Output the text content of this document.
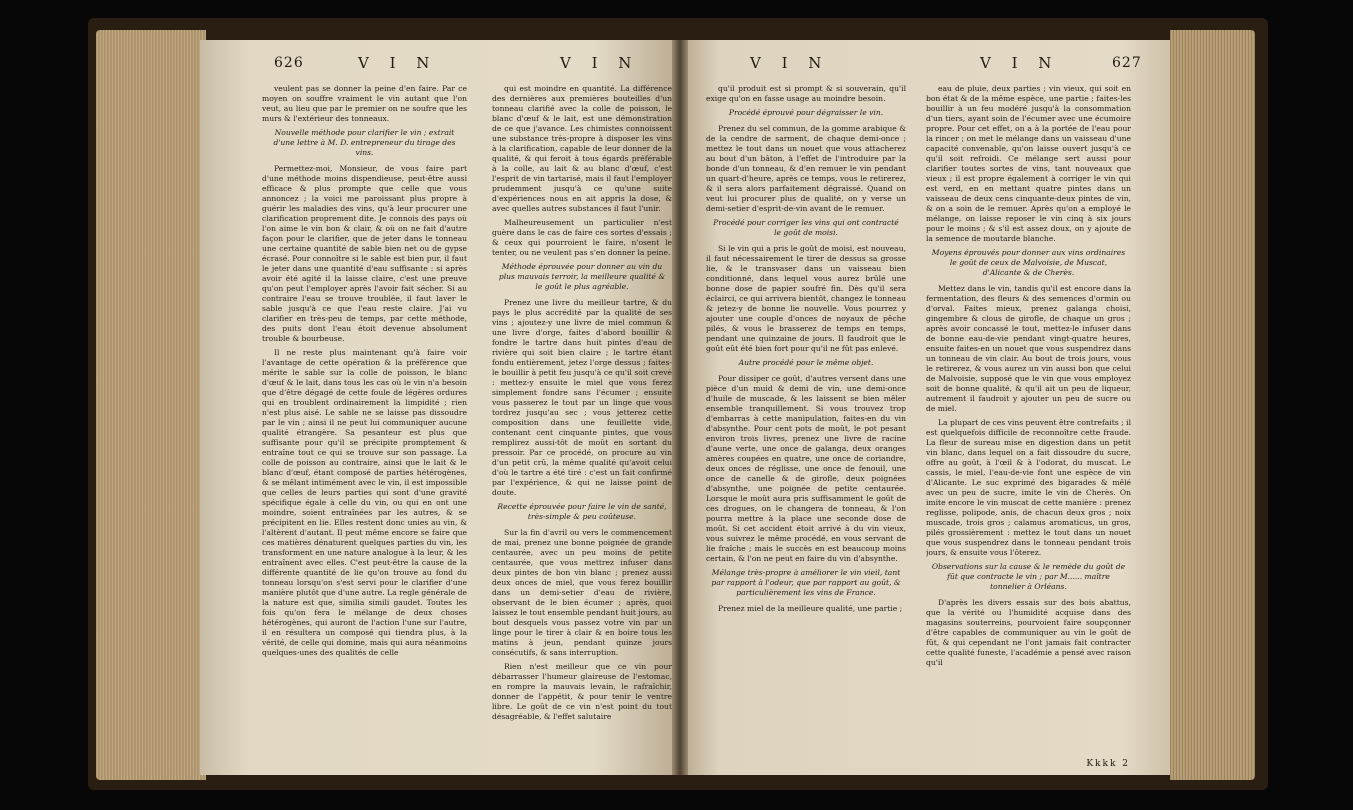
626	V I N	V I N

veulent pas se donner la peine d'en faire. Par ce moyen on souffre vraiment le vin autant que l'on veut, au lieu que par le premier on ne soufre que les murs & l'extérieur des tonneaux.

Nouvelle méthode pour clarifier le vin ; extrait d'une lettre à M. D. entrepreneur du tirage des vins.

Permettez-moi, Monsieur, de vous faire part d'une méthode moins dispendieuse, peut-être aussi efficace & plus prompte que celle que vous annoncez ; la voici me paroissant plus propre à guérir les maladies des vins, qu'à leur procurer une clarification proprement dite. Je connois des pays où l'on aime le vin bon & clair, & où on ne fait d'autre façon pour le clarifier, que de jeter dans le tonneau une certaine quantité de sable bien net ou de gypse écrasé. Pour connoître si le sable est bien pur, il faut le jeter dans une quantité d'eau suffisante : si après avoir été agité il la laisse claire, c'est une preuve qu'on peut l'employer après l'avoir fait sécher. Si au contraire l'eau se trouve troublée, il faut laver le sable jusqu'à ce que l'eau reste claire. J'ai vu clarifier en très-peu de temps, par cette méthode, des puits dont l'eau étoit devenue absolument trouble & bourbeuse.

Il ne reste plus maintenant qu'à faire voir l'avantage de cette opération & la préférence que mérite le sable sur la colle de poisson, le blanc d'œuf & le lait, dans tous les cas où le vin n'a besoin que d'être dégagé de cette foule de légères ordures qui en troublent ordinairement la limpidité ; rien n'est plus aisé. Le sable ne se laisse pas dissoudre par le vin ; ainsi il ne peut lui communiquer aucune qualité étrangère. Sa pesanteur est plus que suffisante pour qu'il se précipite promptement & entraîne tout ce qui se trouve sur son passage. La colle de poisson au contraire, ainsi que le lait & le blanc d'œuf, étant composé de parties hétérogènes, & se mêlant intimément avec le vin, il est impossible que celles de leurs parties qui sont d'une gravité spécifique égale à celle du vin, ou qui en ont une moindre, soient entraînées par les autres, & se précipitent en lie. Elles restent donc unies au vin, & l'altèrent d'autant. Il peut même encore se faire que ces matières dénaturent quelques parties du vin, les transforment en une nature analogue à la leur, & les entraînent avec elles. C'est peut-être la cause de la différente quantité de lie qu'on trouve au fond du tonneau lorsqu'on s'est servi pour le clarifier d'une manière plutôt que d'une autre. La regle générale de la nature est que, similia simili gaudet. Toutes les fois qu'on fera le mélange de deux choses hétérogènes, qui auront de l'action l'une sur l'autre, il en résultera un composé qui tiendra plus, à la vérité, de celle qui domine, mais qui aura néanmoins quelques-unes des qualités de celle

qui est moindre en quantité. La différence des dernières aux premières bouteilles d'un tonneau clarifié avec la colle de poisson, le blanc d'œuf & le lait, est une démonstration de ce que j'avance. Les chimistes connoissent une substance très-propre à disposer les vins à la clarification, capable de leur donner de la qualité, & qui feroit à tous égards préférable à la colle, au lait & au blanc d'œuf, c'est l'esprit de vin tartarisé, mais il faut l'employer prudemment jusqu'à ce qu'une suite d'expériences nous en ait appris la dose, & avec quelles autres substances il faut l'unir.

Malheureusement un particulier n'est guère dans le cas de faire ces sortes d'essais ; & ceux qui pourroient le faire, n'osent le tenter, ou ne veulent pas s'en donner la peine.

Méthode éprouvée pour donner au vin du plus mauvais terroir, la meilleure qualité & le goût le plus agréable.

Prenez une livre du meilleur tartre, & du pays le plus accrédité par la qualité de ses vins ; ajoutez-y une livre de miel commun & une livre d'orge, faites d'abord bouillir & fondre le tartre dans huit pintes d'eau de rivière qui soit bien claire ; le tartre étant fondu entièrement, jetez l'orge dessus ; faites-le bouillir à petit feu jusqu'à ce qu'il soit crevé : mettez-y ensuite le miel que vous ferez simplement fondre sans l'écumer ; ensuite vous passerez le tout par un linge que vous tordrez jusqu'au sec ; vous jetterez cette composition dans une feuillette vide, contenant cent cinquante pintes, que vous remplirez aussi-tôt de moût en sortant du pressoir. Par ce procédé, on procure au vin d'un petit crû, la même qualité qu'avoit celui d'où le tartre a été tiré : c'est un fait confirmé par l'expérience, & qui ne laisse point de doute.

Recette éprouvée pour faire le vin de santé, très-simple & peu coûteuse.

Sur la fin d'avril ou vers le commencement de mai, prenez une bonne poignée de grande centaurée, avec un peu moins de petite centaurée, que vous mettrez infuser dans deux pintes de bon vin blanc ; prenez aussi deux onces de miel, que vous ferez bouillir dans un demi-setier d'eau de rivière, observant de le bien écumer ; après, quoi laissez le tout ensemble pendant huit jours, au bout desquels vous passez votre vin par un linge pour le tirer à clair & en boire tous les matins à jeun, pendant quinze jours consécutifs, & sans interruption.

Rien n'est meilleur que ce vin pour débarrasser l'humeur glaireuse de l'estomac, en rompre la mauvais levain, le rafraîchir, donner de l'appétit, & pour tenir le ventre libre. Le goût de ce vin n'est point du tout désagréable, & l'effet salutaire

V I N	V I N	627

qu'il produit est si prompt & si souverain, qu'il exige qu'on en fasse usage au moindre besoin.

Procédé éprouvé pour dégraisser le vin.

Prenez du sel commun, de la gomme arabique & de la cendre de sarment, de chaque demi-once ; mettez le tout dans un nouet que vous attacherez au bout d'un bâton, à l'effet de l'introduire par la bonde d'un tonneau, & d'en remuer le vin pendant un quart-d'heure, après ce temps, vous le retirerez, & il sera alors parfaitement dégraissé. Quand on veut lui procurer plus de qualité, on y verse un demi-setier d'esprit-de-vin avant de le remuer.

Procédé pour corriger les vins qui ont contracté le goût de moisi.

Si le vin qui a pris le goût de moisi, est nouveau, il faut nécessairement le tirer de dessus sa grosse lie, & le transvaser dans un vaisseau bien conditionné, dans lequel vous aurez brûlé une bonne dose de papier soufré fin. Dès qu'il sera éclairci, ce qui arrivera bientôt, changez le tonneau & jetez-y de bonne lie nouvelle. Vous pourrez y ajouter une couple d'onces de noyaux de pêche pilés, & vous le brasserez de temps en temps, pendant une quinzaine de jours. Il faudroit que le goût eût été bien fort pour qu'il ne fût pas enlevé.

Autre procédé pour le même objet.

Pour dissiper ce goût, d'autres versent dans une pièce d'un muid & demi de vin, une demi-once d'huile de muscade, & les laissent se bien mêler ensemble tranquillement. Si vous trouvez trop d'embarras à cette manipulation, faites-en du vin d'absynthe. Pour cent pots de moût, le pot pesant environ trois livres, prenez une livre de racine d'aune verte, une once de galanga, deux oranges amères coupées en quatre, une once de coriandre, deux onces de réglisse, une once de fenouil, une once de canelle & de girofle, deux poignées d'absynthe, une poignée de petite centaurée. Lorsque le moût aura pris suffisamment le goût de ces drogues, on le changera de tonneau, & l'on pourra mettre à la place une seconde dose de moût. Si cet accident étoit arrivé à du vin vieux, vous suivrez le même procédé, en vous servant de lie fraîche ; mais le succès en est beaucoup moins certain, & l'on ne peut en faire du vin d'absynthe.

Mélange très-propre à améliorer le vin vieil, tant par rapport à l'odeur, que par rapport au goût, & particulièrement les vins de France.

Prenez miel de la meilleure qualité, une partie ;

eau de pluie, deux parties ; vin vieux, qui soit en bon état & de la même espèce, une partie ; faites-les bouillir à un feu modéré jusqu'à la consommation d'un tiers, ayant soin de l'écumer avec une écumoire propre. Pour cet effet, on a à la portée de l'eau pour la rincer ; on met le mélange dans un vaisseau d'une capacité convenable, qu'on laisse ouvert jusqu'à ce qu'il soit refroidi. Ce mélange sert aussi pour clarifier toutes sortes de vins, tant nouveaux que vieux ; il est propre également à corriger le vin qui est verd, en en mettant quatre pintes dans un vaisseau de deux cens cinquante-deux pintes de vin, & on a soin de le remuer. Après qu'on a employé le mélange, on laisse reposer le vin cinq à six jours pour le moins ; & s'il est assez doux, on y ajoute de la semence de moutarde blanche.

Moyens éprouvés pour donner aux vins ordinaires le goût de ceux de Malvoisie, de Muscat, d'Alicante & de Cherès.

Mettez dans le vin, tandis qu'il est encore dans la fermentation, des fleurs & des semences d'ormin ou d'orval. Faites mieux, prenez galanga choisi, gingembre & clous de girofle, de chaque un gros ; après avoir concassé le tout, mettez-le infuser dans de bonne eau-de-vie pendant vingt-quatre heures, ensuite faites-en un nouet que vous suspendrez dans un tonneau de vin clair. Au bout de trois jours, vous le retirerez, & vous aurez un vin aussi bon que celui de Malvoisie, supposé que le vin que vous employez soit de bonne qualité, & qu'il ait un peu de liqueur, autrement il faudroit y ajouter un peu de sucre ou de miel.

La plupart de ces vins peuvent être contrefaits ; il est quelquefois difficile de reconnoître cette fraude. La fleur de sureau mise en digestion dans un petit vin blanc, dans lequel on a fait dissoudre du sucre, offre au goût, à l'œil & à l'odorat, du muscat. Le cassis, le miel, l'eau-de-vie font une espèce de vin d'Alicante. Le suc exprimé des bigarades & mêlé avec un peu de sucre, imite le vin de Cherès. On imite encore le vin muscat de cette manière : prenez reglisse, polipode, anis, de chacun deux gros ; noix muscade, trois gros ; calamus aromaticus, un gros, pilés grossièrement : mettez le tout dans un nouet que vous suspendrez dans le tonneau pendant trois jours, & ensuite vous l'ôterez.

Observations sur la cause & le remède du goût de fût que contracte le vin ; par M...... maître tonnelier à Orléans.

D'après les divers essais sur des bois abattus, que la vérité ou l'humidité acquise dans des magasins souterreins, pourvoient faire soupçonner d'être capables de communiquer au vin le goût de fût, & qui cependant ne l'ont jamais fait contracter cette qualité funeste, l'académie a pensé avec raison qu'il

Kkkk 2
